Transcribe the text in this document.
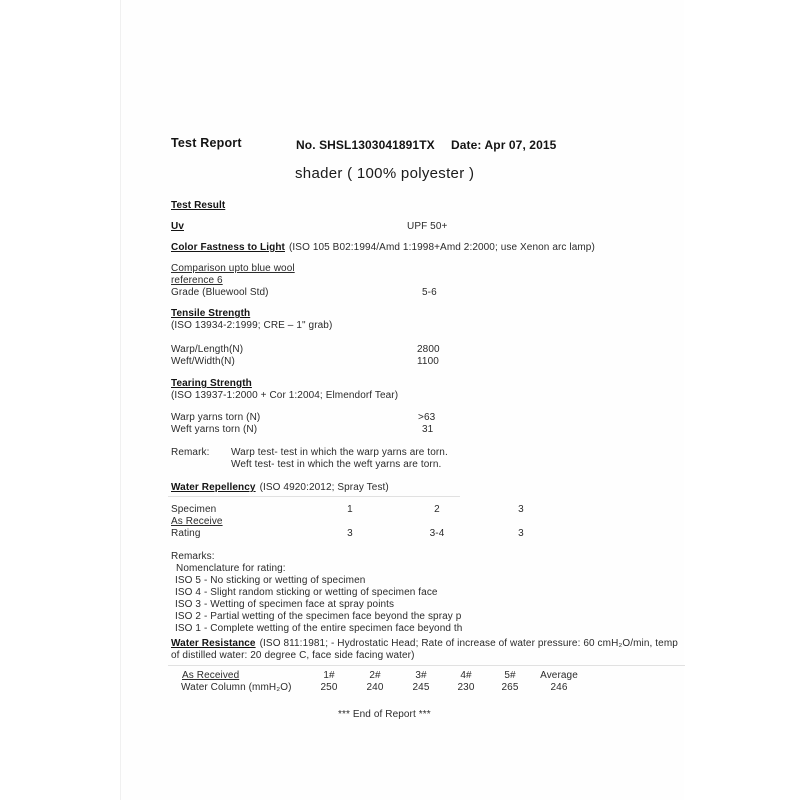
Test Report	No. SHSL1303041891TX Date: Apr 07, 2015
shader ( 100% polyester )
Test Result
Uv	UPF 50+
Color Fastness to Light (ISO 105 B02:1994/Amd 1:1998+Amd 2:2000; use Xenon arc lamp)
Comparison upto blue wool
reference 6
Grade (Bluewool Std)	5-6
Tensile Strength
(ISO 13934-2:1999; CRE – 1" grab)
Warp/Length(N)	2800
Weft/Width(N)	1100
Tearing Strength
(ISO 13937-1:2000 + Cor 1:2004; Elmendorf Tear)
Warp yarns torn (N)	>63
Weft yarns torn (N)	31
Remark: Warp test- test in which the warp yarns are torn.
Weft test- test in which the weft yarns are torn.
Water Repellency (ISO 4920:2012; Spray Test)
Specimen	1	2	3
As Receive
Rating	3	3-4	3
Remarks:
Nomenclature for rating:
ISO 5 - No sticking or wetting of specimen
ISO 4 - Slight random sticking or wetting of specimen face
ISO 3 - Wetting of specimen face at spray points
ISO 2 - Partial wetting of the specimen face beyond the spray p
ISO 1 - Complete wetting of the entire specimen face beyond th
Water Resistance (ISO 811:1981; - Hydrostatic Head; Rate of increase of water pressure: 60 cmH₂O/min, temp
of distilled water: 20 degree C, face side facing water)
As Received	1#	2#	3#	4#	5#	Average
Water Column (mmH₂O)	250	240	245	230	265	246
*** End of Report ***
